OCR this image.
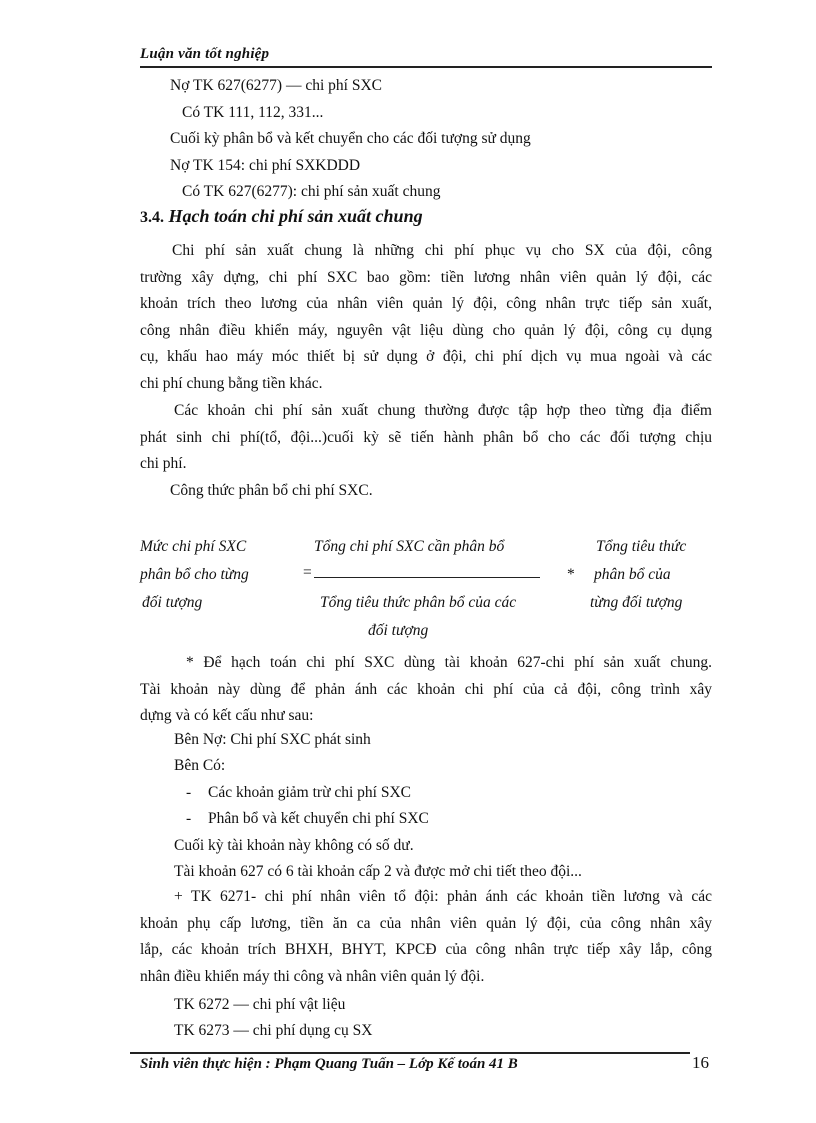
Luận văn tốt nghiệp
Nợ TK 627(6277) — chi phí SXC
Có TK 111, 112, 331...
Cuối kỳ phân bổ và kết chuyển cho các đối tượng sử dụng
Nợ TK 154: chi phí SXKDDD
Có TK 627(6277): chi phí sản xuất chung
3.4. Hạch toán chi phí sản xuất chung
Chi phí sản xuất chung là những chi phí phục vụ cho SX của đội, công
trường xây dựng, chi phí SXC bao gồm: tiền lương nhân viên quản lý đội, các
khoản trích theo lương của nhân viên quản lý đội, công nhân trực tiếp sản xuất,
công nhân điều khiển máy, nguyên vật liệu dùng cho quản lý đội, công cụ dụng
cụ, khấu hao máy móc thiết bị sử dụng ở đội, chi phí dịch vụ mua ngoài và các
chi phí chung bằng tiền khác.
Các khoản chi phí sản xuất chung thường được tập hợp theo từng địa điểm
phát sinh chi phí(tổ, đội...)cuối kỳ sẽ tiến hành phân bổ cho các đối tượng chịu
chi phí.
Công thức phân bổ chi phí SXC.
Mức chi phí SXC
phân bổ cho từng
đối tượng
Tổng chi phí SXC cần phân bổ
=
Tổng tiêu thức phân bổ của các
đối tượng
*
Tổng tiêu thức
phân bổ của
từng đối tượng
* Để hạch toán chi phí SXC dùng tài khoản 627-chi phí sản xuất chung.
Tài khoản này dùng để phản ánh các khoản chi phí của cả đội, công trình xây
dựng và có kết cấu như sau:
Bên Nợ: Chi phí SXC phát sinh
Bên Có:
- Các khoản giảm trừ chi phí SXC
- Phân bổ và kết chuyển chi phí SXC
Cuối kỳ tài khoản này không có số dư.
Tài khoản 627 có 6 tài khoản cấp 2 và được mở chi tiết theo đội...
+ TK 6271- chi phí nhân viên tổ đội: phản ánh các khoản tiền lương và các
khoản phụ cấp lương, tiền ăn ca của nhân viên quản lý đội, của công nhân xây
lắp, các khoản trích BHXH, BHYT, KPCĐ của công nhân trực tiếp xây lắp, công
nhân điều khiển máy thi công và nhân viên quản lý đội.
TK 6272 — chi phí vật liệu
TK 6273 — chi phí dụng cụ SX
Sinh viên thực hiện : Phạm Quang Tuấn – Lớp Kế toán 41 B	16
